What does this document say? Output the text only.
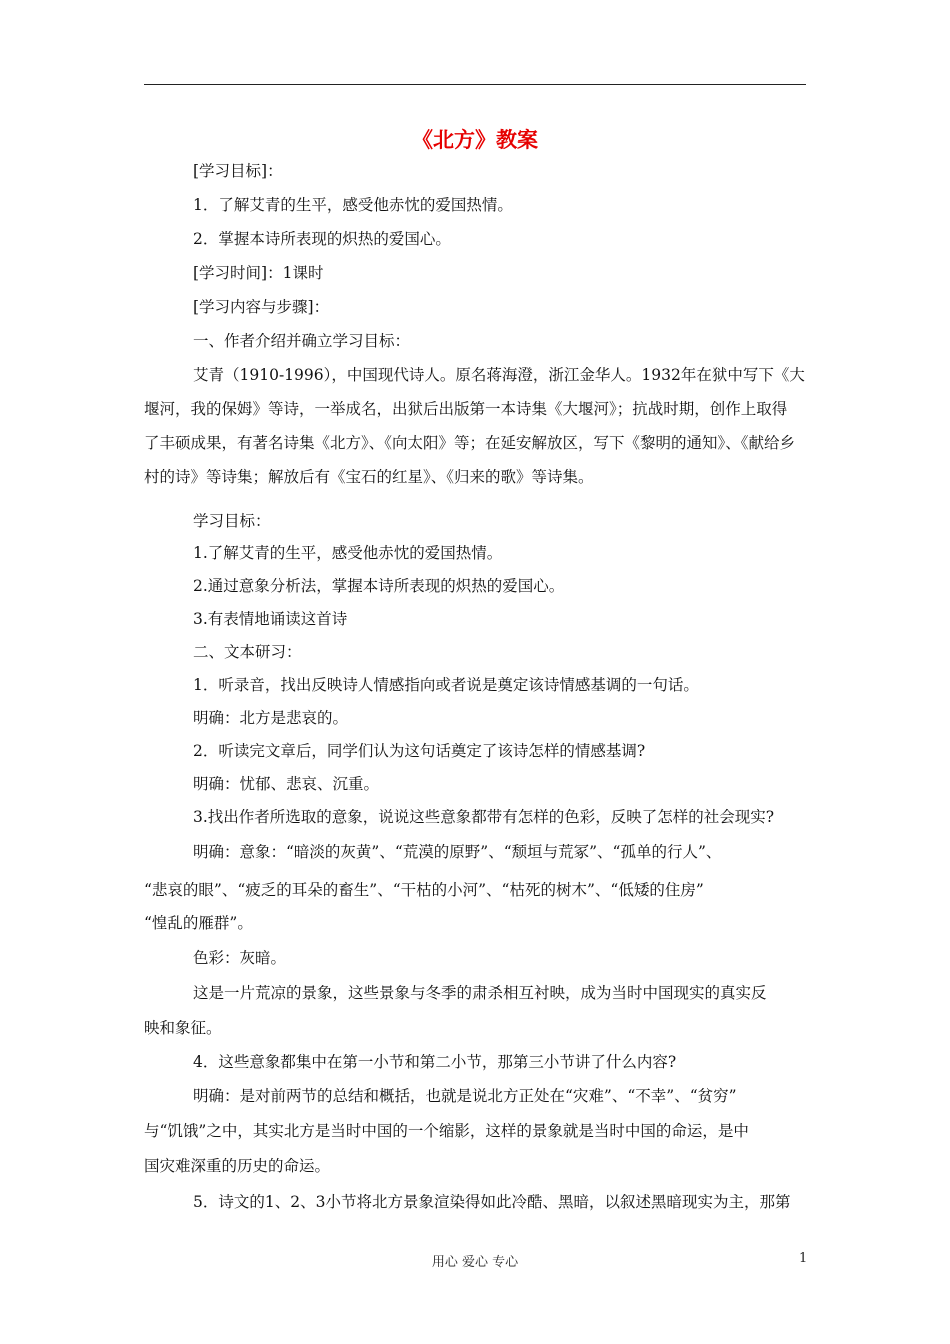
《北方》教案
[学习目标]：
1．了解艾青的生平，感受他赤忱的爱国热情。
2．掌握本诗所表现的炽热的爱国心。
[学习时间]：1课时
[学习内容与步骤]：
一、作者介绍并确立学习目标：
艾青（1910-1996），中国现代诗人。原名蒋海澄，浙江金华人。1932年在狱中写下《大
堰河，我的保姆》等诗，一举成名，出狱后出版第一本诗集《大堰河》；抗战时期，创作上取得
了丰硕成果，有著名诗集《北方》、《向太阳》等；在延安解放区，写下《黎明的通知》、《献给乡
村的诗》等诗集；解放后有《宝石的红星》、《归来的歌》等诗集。
学习目标：
1.了解艾青的生平，感受他赤忱的爱国热情。
2.通过意象分析法，掌握本诗所表现的炽热的爱国心。
3.有表情地诵读这首诗
二、文本研习：
1．听录音，找出反映诗人情感指向或者说是奠定该诗情感基调的一句话。
明确：北方是悲哀的。
2．听读完文章后，同学们认为这句话奠定了该诗怎样的情感基调?
明确：忧郁、悲哀、沉重。
3.找出作者所选取的意象，说说这些意象都带有怎样的色彩，反映了怎样的社会现实?
明确：意象：“暗淡的灰黄”、“荒漠的原野”、“颓垣与荒冢”、“孤单的行人”、
“悲哀的眼”、“疲乏的耳朵的畜生”、“干枯的小河”、“枯死的树木”、“低矮的住房”
“惶乱的雁群”。
色彩：灰暗。
这是一片荒凉的景象，这些景象与冬季的肃杀相互衬映，成为当时中国现实的真实反
映和象征。
4．这些意象都集中在第一小节和第二小节，那第三小节讲了什么内容?
明确：是对前两节的总结和概括，也就是说北方正处在“灾难”、“不幸”、“贫穷”
与“饥饿”之中，其实北方是当时中国的一个缩影，这样的景象就是当时中国的命运，是中
国灾难深重的历史的命运。
5．诗文的1、2、3小节将北方景象渲染得如此冷酷、黑暗，以叙述黑暗现实为主，那第
用心 爱心 专心	1
